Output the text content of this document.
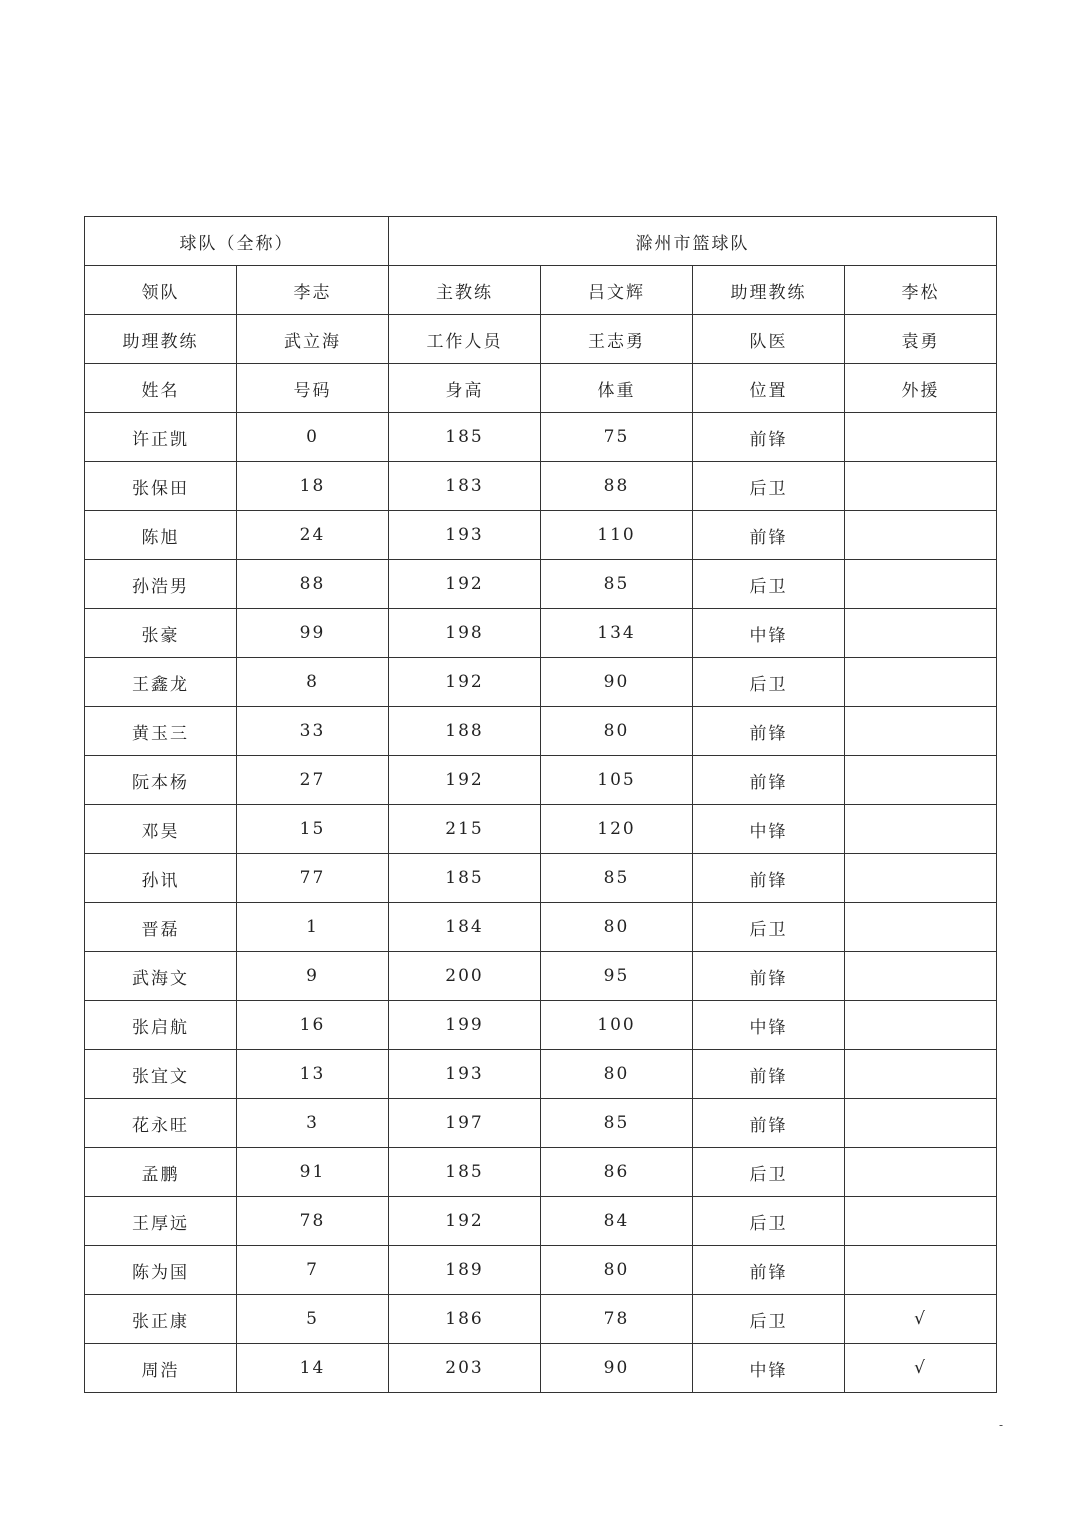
球队（全称）		滁州市篮球队			
领队	李志	主教练	吕文辉	助理教练	李松
助理教练	武立海	工作人员	王志勇	队医	袁勇
姓名	号码	身高	体重	位置	外援
许正凯	0	185	75	前锋	
张保田	18	183	88	后卫	
陈旭	24	193	110	前锋	
孙浩男	88	192	85	后卫	
张豪	99	198	134	中锋	
王鑫龙	8	192	90	后卫	
黄玉三	33	188	80	前锋	
阮本杨	27	192	105	前锋	
邓昊	15	215	120	中锋	
孙讯	77	185	85	前锋	
晋磊	1	184	80	后卫	
武海文	9	200	95	前锋	
张启航	16	199	100	中锋	
张宜文	13	193	80	前锋	
花永旺	3	197	85	前锋	
孟鹏	91	185	86	后卫	
王厚远	78	192	84	后卫	
陈为国	7	189	80	前锋	
张正康	5	186	78	后卫	√
周浩	14	203	90	中锋	√
-
